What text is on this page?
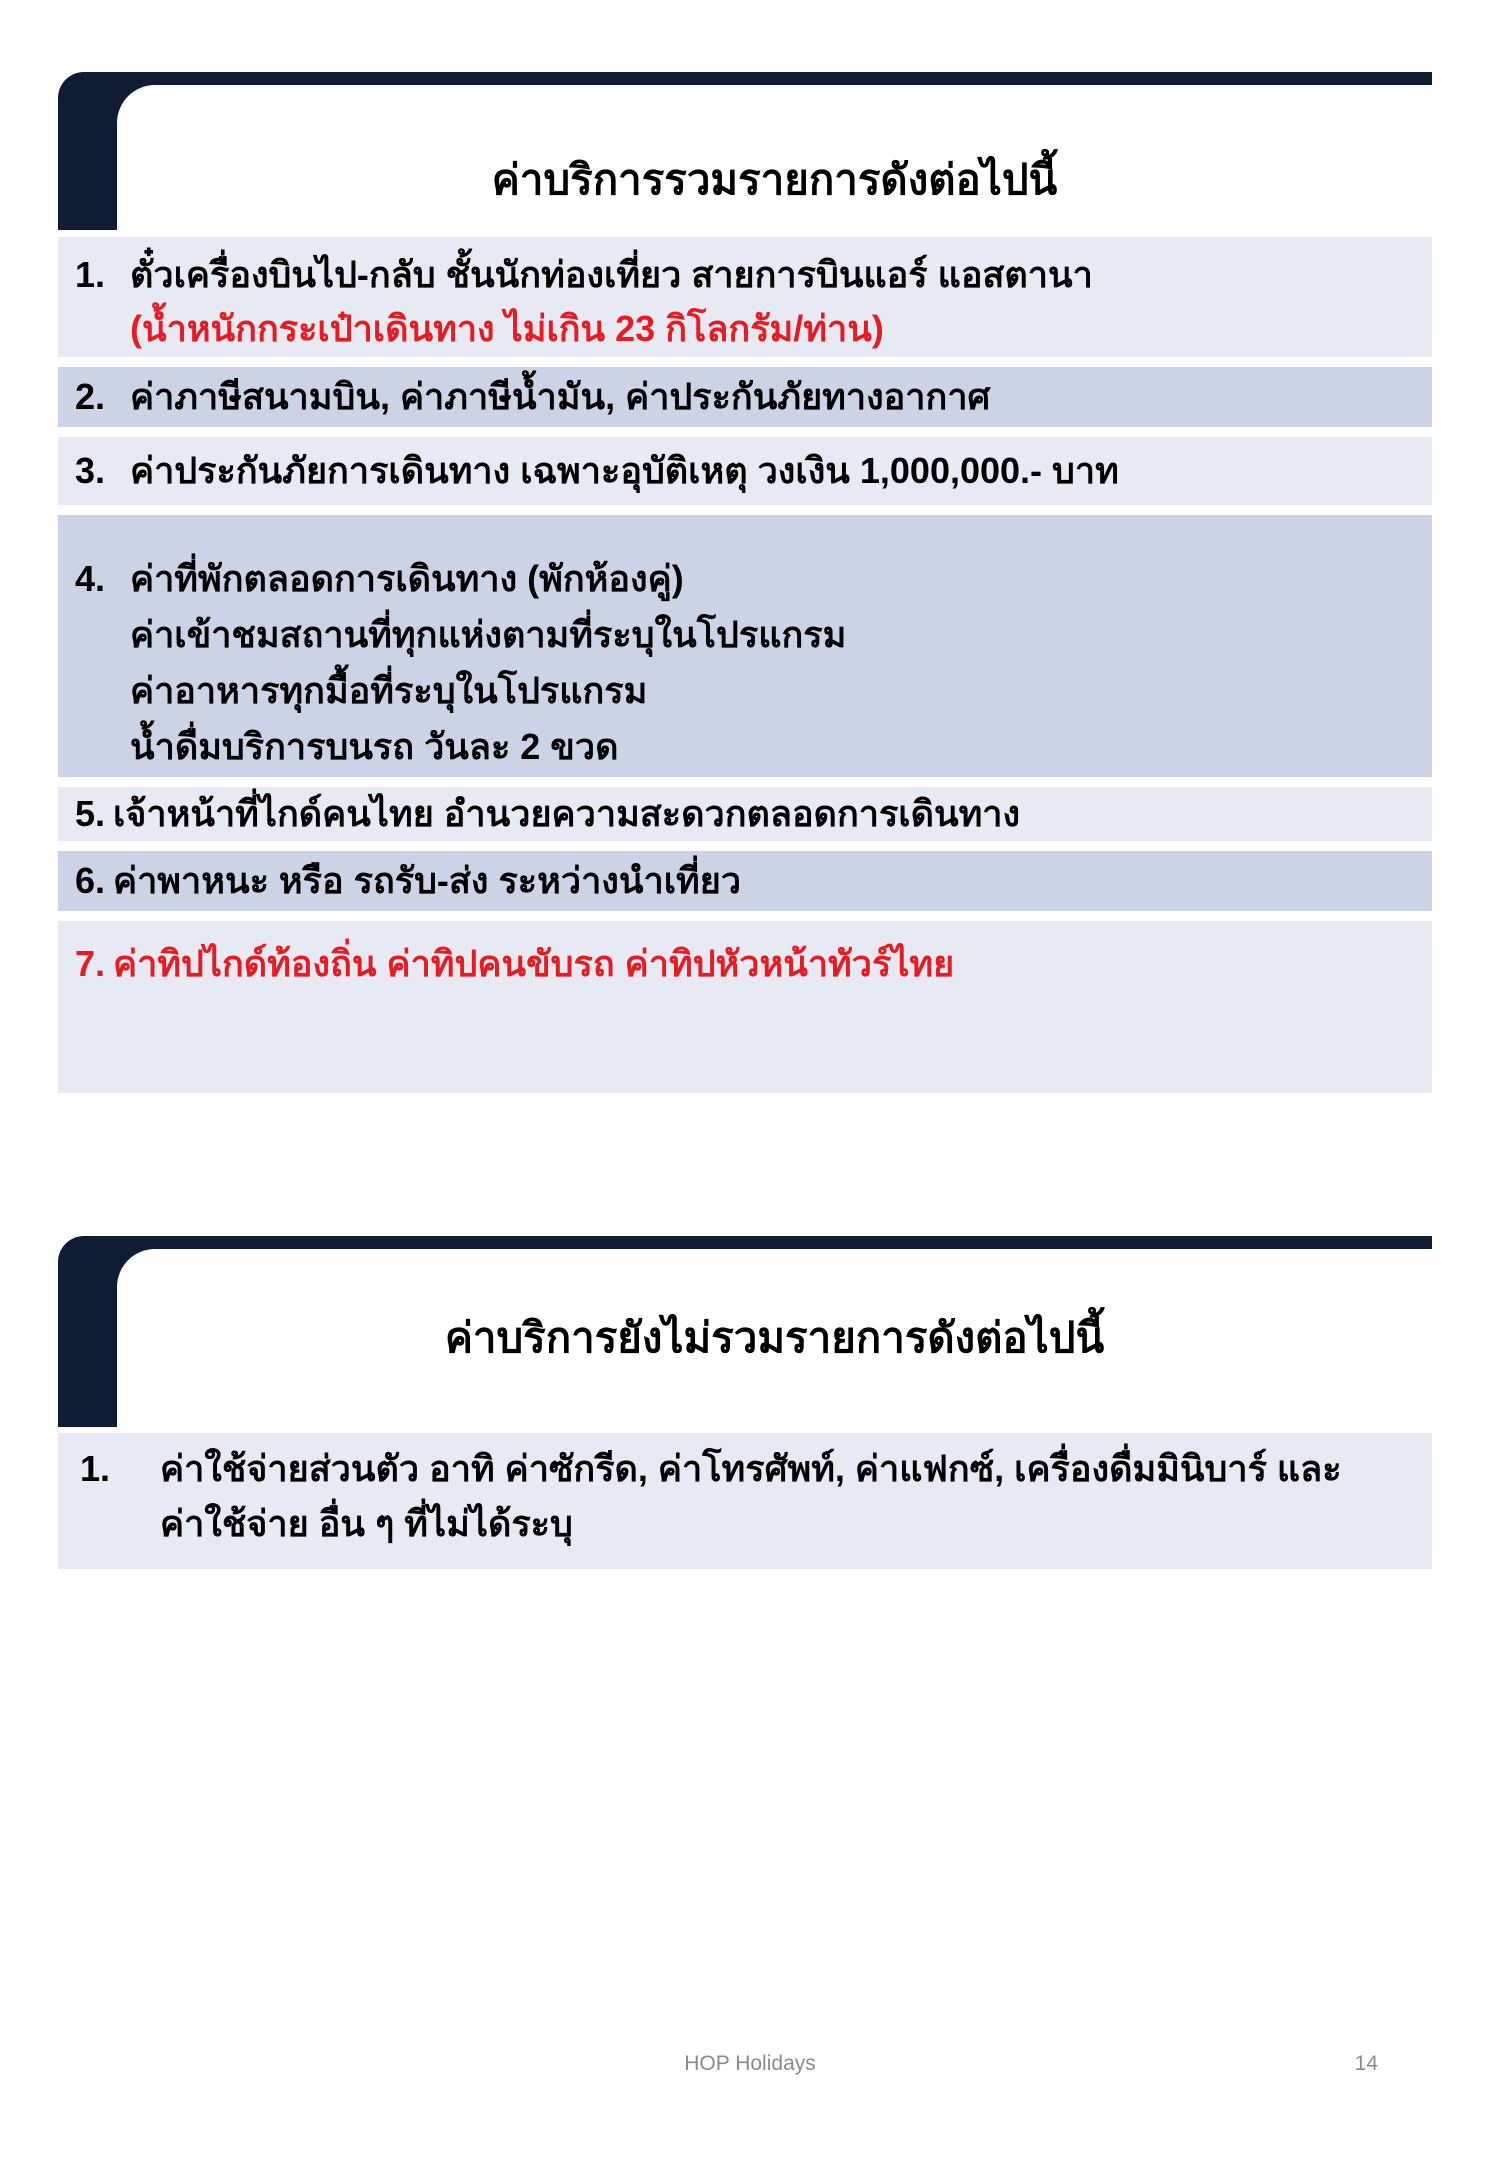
ค่าบริการรวมรายการดังต่อไปนี้
1. ตั๋วเครื่องบินไป-กลับ ชั้นนักท่องเที่ยว สายการบินแอร์ แอสตานา
(น้ำหนักกระเป๋าเดินทาง ไม่เกิน 23 กิโลกรัม/ท่าน)
2. ค่าภาษีสนามบิน, ค่าภาษีน้ำมัน, ค่าประกันภัยทางอากาศ
3. ค่าประกันภัยการเดินทาง เฉพาะอุบัติเหตุ วงเงิน 1,000,000.- บาท
4. ค่าที่พักตลอดการเดินทาง (พักห้องคู่)
ค่าเข้าชมสถานที่ทุกแห่งตามที่ระบุในโปรแกรม
ค่าอาหารทุกมื้อที่ระบุในโปรแกรม
น้ำดื่มบริการบนรถ วันละ 2 ขวด
5. เจ้าหน้าที่ไกด์คนไทย อำนวยความสะดวกตลอดการเดินทาง
6. ค่าพาหนะ หรือ รถรับ-ส่ง ระหว่างนำเที่ยว
7. ค่าทิปไกด์ท้องถิ่น ค่าทิปคนขับรถ ค่าทิปหัวหน้าทัวร์ไทย
ค่าบริการยังไม่รวมรายการดังต่อไปนี้
1.	ค่าใช้จ่ายส่วนตัว อาทิ ค่าซักรีด, ค่าโทรศัพท์, ค่าแฟกซ์, เครื่องดื่มมินิบาร์ และ
ค่าใช้จ่าย อื่น ๆ ที่ไม่ได้ระบุ
HOP Holidays	14
